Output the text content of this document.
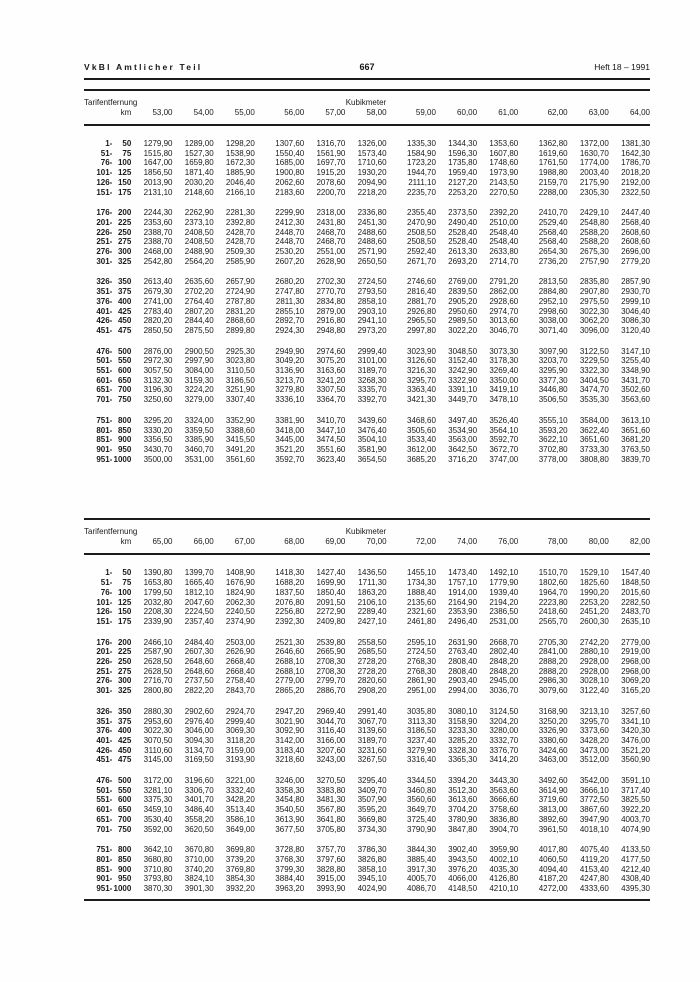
VkBl Amtlicher Teil	667	Heft 18 – 1991
Tarifentfernung			Kubikmeter									
km	53,00	54,00	55,00	56,00	57,00	58,00	59,00	60,00	61,00	62,00	63,00	64,00

1- 50	1279,90	1289,00	1298,20	1307,60	1316,70	1326,00	1335,30	1344,30	1353,60	1362,80	1372,00	1381,30

51- 75	1515,80	1527,30	1538,90	1550,40	1561,90	1573,40	1584,90	1596,30	1607,80	1619,60	1630,70	1642,30

76- 100	1647,00	1659,80	1672,30	1685,00	1697,70	1710,60	1723,20	1735,80	1748,60	1761,50	1774,00	1786,70

101- 125	1856,50	1871,40	1885,90	1900,80	1915,20	1930,20	1944,70	1959,40	1973,90	1988,80	2003,40	2018,20

126- 150	2013,90	2030,20	2046,40	2062,60	2078,60	2094,90	2111,10	2127,20	2143,50	2159,70	2175,90	2192,00

151- 175	2131,10	2148,60	2166,10	2183,60	2200,70	2218,20	2235,70	2253,20	2270,50	2288,00	2305,30	2322,50

176- 200	2244,30	2262,90	2281,30	2299,90	2318,00	2336,80	2355,40	2373,50	2392,20	2410,70	2429,10	2447,40

201- 225	2353,60	2373,10	2392,80	2412,30	2431,80	2451,30	2470,90	2490,40	2510,00	2529,40	2548,80	2568,40

226- 250	2388,70	2408,50	2428,70	2448,70	2468,70	2488,60	2508,50	2528,40	2548,40	2568,40	2588,20	2608,60

251- 275	2388,70	2408,50	2428,70	2448,70	2468,70	2488,60	2508,50	2528,40	2548,40	2568,40	2588,20	2608,60

276- 300	2468,00	2488,90	2509,30	2530,20	2551,00	2571,90	2592,40	2613,30	2633,80	2654,30	2675,30	2696,00

301- 325	2542,80	2564,20	2585,90	2607,20	2628,90	2650,50	2671,70	2693,20	2714,70	2736,20	2757,90	2779,20

326- 350	2613,40	2635,60	2657,90	2680,20	2702,30	2724,50	2746,60	2769,00	2791,20	2813,50	2835,80	2857,90

351- 375	2679,30	2702,20	2724,90	2747,80	2770,70	2793,50	2816,40	2839,50	2862,00	2884,80	2907,80	2930,70

376- 400	2741,00	2764,40	2787,80	2811,30	2834,80	2858,10	2881,70	2905,20	2928,60	2952,10	2975,50	2999,10

401- 425	2783,40	2807,20	2831,20	2855,10	2879,00	2903,10	2926,80	2950,60	2974,70	2998,60	3022,30	3046,40

426- 450	2820,20	2844,40	2868,60	2892,70	2916,80	2941,10	2965,50	2989,50	3013,60	3038,00	3062,20	3086,30

451- 475	2850,50	2875,50	2899,80	2924,30	2948,80	2973,20	2997,80	3022,20	3046,70	3071,40	3096,00	3120,40

476- 500	2876,00	2900,50	2925,30	2949,90	2974,60	2999,40	3023,90	3048,50	3073,30	3097,90	3122,50	3147,10

501- 550	2972,30	2997,90	3023,80	3049,20	3075,20	3101,00	3126,60	3152,40	3178,30	3203,70	3229,50	3255,40

551- 600	3057,50	3084,00	3110,50	3136,90	3163,60	3189,70	3216,30	3242,90	3269,40	3295,90	3322,30	3348,90

601- 650	3132,30	3159,30	3186,50	3213,70	3241,20	3268,30	3295,70	3322,90	3350,00	3377,30	3404,50	3431,70

651- 700	3196,30	3224,20	3251,90	3279,80	3307,50	3335,70	3363,40	3391,10	3419,10	3446,80	3474,70	3502,60

701- 750	3250,60	3279,00	3307,40	3336,10	3364,70	3392,70	3421,30	3449,70	3478,10	3506,50	3535,30	3563,60

751- 800	3295,20	3324,00	3352,90	3381,90	3410,70	3439,60	3468,60	3497,40	3526,40	3555,10	3584,00	3613,10

801- 850	3330,20	3359,50	3388,60	3418,00	3447,10	3476,40	3505,60	3534,90	3564,10	3593,20	3622,40	3651,60

851- 900	3356,50	3385,90	3415,50	3445,00	3474,50	3504,10	3533,40	3563,00	3592,70	3622,10	3651,60	3681,20

901- 950	3430,70	3460,70	3491,20	3521,20	3551,60	3581,90	3612,00	3642,50	3672,70	3702,80	3733,30	3763,50

951- 1000	3500,00	3531,00	3561,60	3592,70	3623,40	3654,50	3685,20	3716,20	3747,00	3778,00	3808,80	3839,70
Tarifentfernung			Kubikmeter									
km	65,00	66,00	67,00	68,00	69,00	70,00	72,00	74,00	76,00	78,00	80,00	82,00

1- 50	1390,80	1399,70	1408,90	1418,30	1427,40	1436,50	1455,10	1473,40	1492,10	1510,70	1529,10	1547,40

51- 75	1653,80	1665,40	1676,90	1688,20	1699,90	1711,30	1734,30	1757,10	1779,90	1802,60	1825,60	1848,50

76- 100	1799,50	1812,10	1824,90	1837,50	1850,40	1863,20	1888,40	1914,00	1939,40	1964,70	1990,20	2015,60

101- 125	2032,80	2047,60	2062,30	2076,80	2091,50	2106,10	2135,60	2164,90	2194,20	2223,80	2253,20	2282,50

126- 150	2208,30	2224,50	2240,50	2256,80	2272,90	2289,40	2321,60	2353,90	2386,50	2418,60	2451,20	2483,70

151- 175	2339,90	2357,40	2374,90	2392,30	2409,80	2427,10	2461,80	2496,40	2531,00	2565,70	2600,30	2635,10

176- 200	2466,10	2484,40	2503,00	2521,30	2539,80	2558,50	2595,10	2631,90	2668,70	2705,30	2742,20	2779,00

201- 225	2587,90	2607,30	2626,90	2646,60	2665,90	2685,50	2724,50	2763,40	2802,40	2841,00	2880,10	2919,00

226- 250	2628,50	2648,60	2668,40	2688,10	2708,30	2728,20	2768,30	2808,40	2848,20	2888,20	2928,00	2968,00

251- 275	2628,50	2648,60	2668,40	2688,10	2708,30	2728,20	2768,30	2808,40	2848,20	2888,20	2928,00	2968,00

276- 300	2716,70	2737,50	2758,40	2779,00	2799,70	2820,60	2861,90	2903,40	2945,00	2986,30	3028,10	3069,20

301- 325	2800,80	2822,20	2843,70	2865,20	2886,70	2908,20	2951,00	2994,00	3036,70	3079,60	3122,40	3165,20

326- 350	2880,30	2902,60	2924,70	2947,20	2969,40	2991,40	3035,80	3080,10	3124,50	3168,90	3213,10	3257,60

351- 375	2953,60	2976,40	2999,40	3021,90	3044,70	3067,70	3113,30	3158,90	3204,20	3250,20	3295,70	3341,10

376- 400	3022,30	3046,00	3069,30	3092,90	3116,40	3139,60	3186,50	3233,30	3280,00	3326,90	3373,60	3420,30

401- 425	3070,50	3094,30	3118,20	3142,00	3166,00	3189,70	3237,40	3285,20	3332,70	3380,60	3428,20	3476,00

426- 450	3110,60	3134,70	3159,00	3183,40	3207,60	3231,60	3279,90	3328,30	3376,70	3424,60	3473,00	3521,20

451- 475	3145,00	3169,50	3193,90	3218,60	3243,00	3267,50	3316,40	3365,30	3414,20	3463,00	3512,00	3560,90

476- 500	3172,00	3196,60	3221,00	3246,00	3270,50	3295,40	3344,50	3394,20	3443,30	3492,60	3542,00	3591,10

501- 550	3281,10	3306,70	3332,40	3358,30	3383,80	3409,70	3460,80	3512,30	3563,60	3614,90	3666,10	3717,40

551- 600	3375,30	3401,70	3428,20	3454,80	3481,30	3507,90	3560,60	3613,60	3666,60	3719,60	3772,50	3825,50

601- 650	3459,10	3486,40	3513,40	3540,50	3567,80	3595,20	3649,70	3704,20	3758,60	3813,00	3867,60	3922,20

651- 700	3530,40	3558,20	3586,10	3613,90	3641,80	3669,80	3725,40	3780,90	3836,80	3892,60	3947,90	4003,70

701- 750	3592,00	3620,50	3649,00	3677,50	3705,80	3734,30	3790,90	3847,80	3904,70	3961,50	4018,10	4074,90

751- 800	3642,10	3670,80	3699,80	3728,80	3757,70	3786,30	3844,30	3902,40	3959,90	4017,80	4075,40	4133,50

801- 850	3680,80	3710,00	3739,20	3768,30	3797,60	3826,80	3885,40	3943,50	4002,10	4060,50	4119,20	4177,50

851- 900	3710,80	3740,20	3769,80	3799,30	3828,80	3858,10	3917,30	3976,20	4035,30	4094,40	4153,40	4212,40

901- 950	3793,80	3824,10	3854,30	3884,40	3915,00	3945,10	4005,70	4066,00	4126,80	4187,20	4247,80	4308,40

951- 1000	3870,30	3901,30	3932,20	3963,20	3993,90	4024,90	4086,70	4148,50	4210,10	4272,00	4333,60	4395,30
